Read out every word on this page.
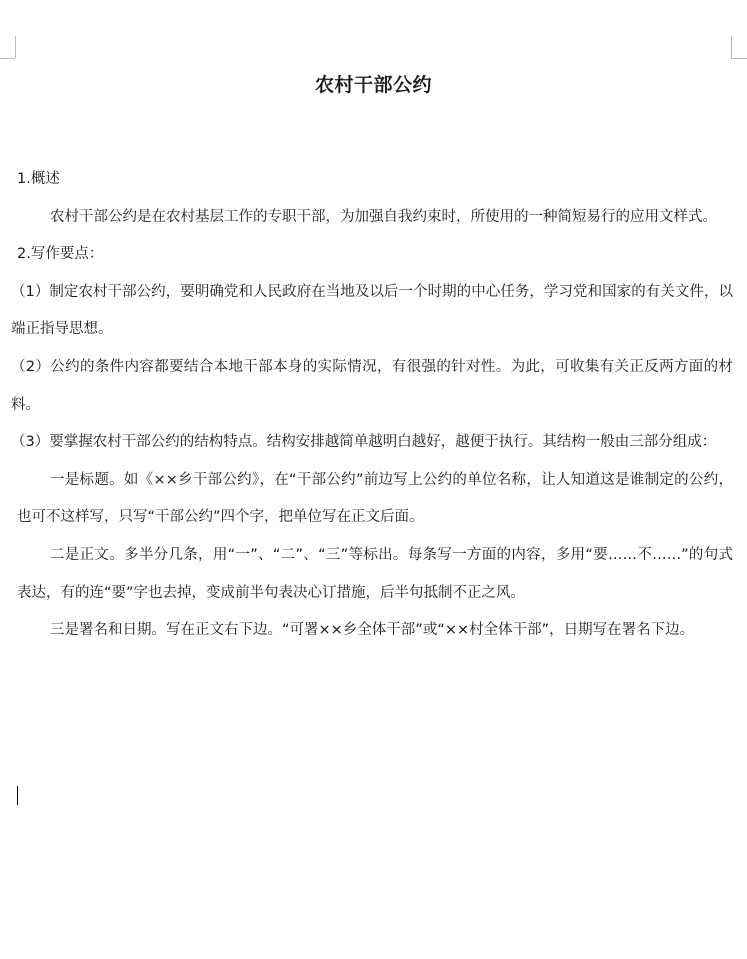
农村干部公约

1.概述

农村干部公约是在农村基层工作的专职干部，为加强自我约束时，所使用的一种简短易行的应用文样式。

2.写作要点：

（1）制定农村干部公约，要明确党和人民政府在当地及以后一个时期的中心任务，学习党和国家的有关文件，以端正指导思想。

（2）公约的条件内容都要结合本地干部本身的实际情况，有很强的针对性。为此，可收集有关正反两方面的材料。

（3）要掌握农村干部公约的结构特点。结构安排越简单越明白越好，越便于执行。其结构一般由三部分组成：

一是标题。如《××乡干部公约》，在“干部公约”前边写上公约的单位名称，让人知道这是谁制定的公约，也可不这样写，只写“干部公约”四个字，把单位写在正文后面。

二是正文。多半分几条，用“一”、“二”、“三”等标出。每条写一方面的内容，多用“要……不……”的句式表达，有的连“要”字也去掉，变成前半句表决心订措施，后半句抵制不正之风。

三是署名和日期。写在正文右下边。“可署××乡全体干部”或“××村全体干部”，日期写在署名下边。
